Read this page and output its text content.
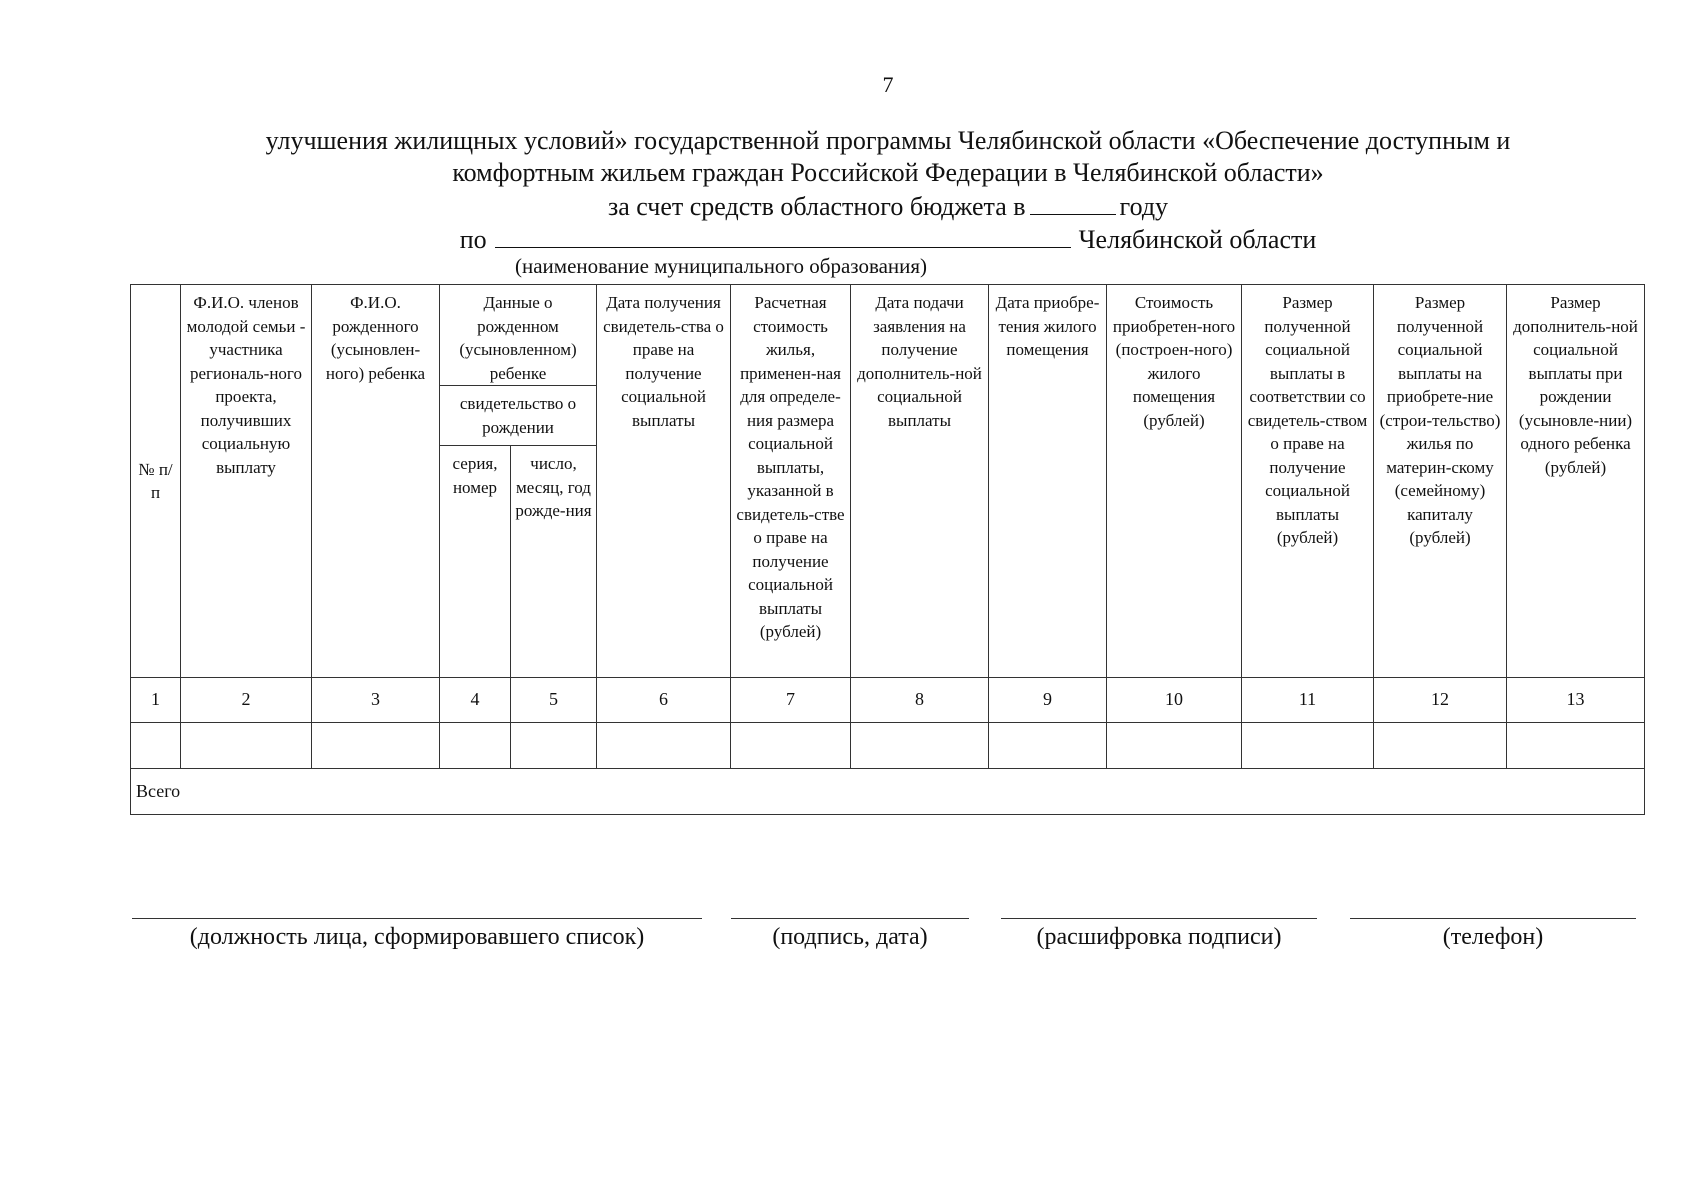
7
улучшения жилищных условий» государственной программы Челябинской области «Обеспечение доступным и
комфортным жильем граждан Российской Федерации в Челябинской области»
за счет средств областного бюджета в	году
по	Челябинской области
(наименование муниципального образования)
№ п/п	Ф.И.О. членов молодой семьи - участника региональ-ного проекта, получивших социальную выплату	Ф.И.О. рожденного (усыновлен-ного) ребенка	Данные о рожденном (усыновленном) ребенке		Дата получения свидетель-ства о праве на получение социальной выплаты	Расчетная стоимость жилья, применен-ная для определе-ния размера социальной выплаты, указанной в свидетель-стве о праве на получение социальной выплаты (рублей)	Дата подачи заявления на получение дополнитель-ной социальной выплаты	Дата приобре-тения жилого помещения	Стоимость приобретен-ного (построен-ного) жилого помещения (рублей)	Размер полученной социальной выплаты в соответствии со свидетель-ством о праве на получение социальной выплаты (рублей)	Размер полученной социальной выплаты на приобрете-ние (строи-тельство) жилья по материн-скому (семейному) капиталу (рублей)	Размер дополнитель-ной социальной выплаты при рождении (усыновле-нии) одного ребенка (рублей)
			свидетельство о рождении									
			серия, номер	число, месяц, год рожде-ния								
1	2	3	4	5	6	7	8	9	10	11	12	13

Всего												
(должность лица, сформировавшего список)	(подпись, дата)	(расшифровка подписи)	(телефон)
